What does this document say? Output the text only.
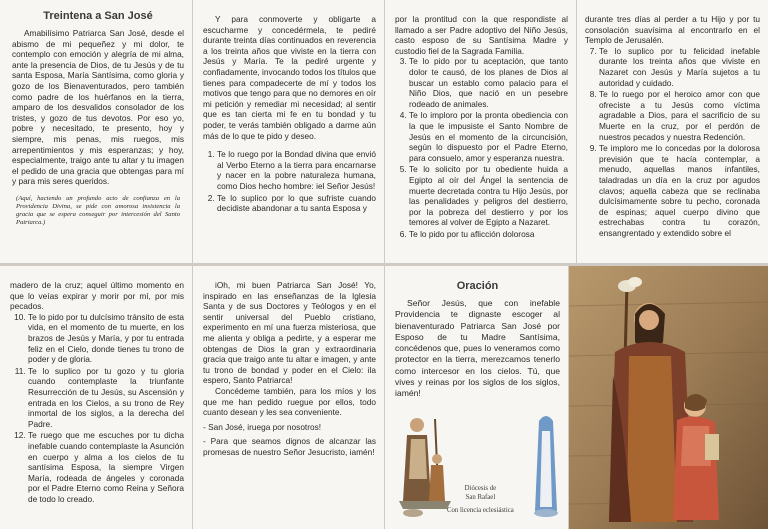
Treintena a San José

Amabilísimo Patriarca San José, desde el abismo de mi pequeñez y mi dolor, te contemplo con emoción y alegría de mi alma, ante la presencia de Dios, de tu Jesús y de tu santa Esposa, María Santísima, como gloria y gozo de los Bienaventurados, pero también como padre de los huérfanos en la tierra, amparo de los desvalidos consolador de los tristes, y gozo de tus devotos. Por eso yo, pobre y necesitado, te presento, hoy y siempre, mis penas, mis ruegos, mis arrepentimientos y mis esperanzas; y hoy, especialmente, traigo ante tu altar y tu imagen el pedido de una gracia que obtengas para mí y para mis seres queridos.

(Aquí, haciendo un profundo acto de confianza en la Providencia Divina, se pide con amorosa insistencia la gracia que se espera conseguir por intercesión del Santo Patriarca.)

Y para conmoverte y obligarte a escucharme y concedérmela, te pediré durante treinta días continuados en reverencia a los treinta años que viviste en la tierra con Jesús y María. Te la pediré urgente y confiadamente, invocando todos los títulos que tienes para compadecerte de mí y todos los motivos que tengo para que no demores en oír mi petición y remediar mi necesidad; al sentir que es tan cierta mi fe en tu bondad y tu poder, te verás también obligado a darme aún más de lo que te pido y deseo.

1. Te lo ruego por la Bondad divina que envió al Verbo Eterno a la tierra para encarnarse y nacer en la pobre naturaleza humana, como Dios hecho hombre: iel Señor Jesús!
2. Te lo suplico por lo que sufriste cuando decidiste abandonar a tu santa Esposa y

por la prontitud con la que respondiste al llamado a ser Padre adoptivo del Niño Jesús, casto esposo de su Santísima Madre y custodio fiel de la Sagrada Familia.

3. Te lo pido por tu aceptación, que tanto dolor te causó, de los planes de Dios al buscar un establo como palacio para el Niño Dios, que nació en un pesebre rodeado de animales.
4. Te lo imploro por la pronta obediencia con la que le impusiste el Santo Nombre de Jesús en el momento de la circuncisión, según lo dispuesto por el Padre Eterno, para consuelo, amor y esperanza nuestra.
5. Te lo solicito por tu obediente huida a Egipto al oír del Ángel la sentencia de muerte decretada contra tu Hijo Jesús, por las penalidades y peligros del destierro, por la pobreza del destierro y por los temores al volver de Egipto a Nazaret.
6. Te lo pido por tu aflicción dolorosa

durante tres días al perder a tu Hijo y por tu consolación suavísima al encontrarlo en el Templo de Jerusalén.

7. Te lo suplico por tu felicidad inefable durante los treinta años que viviste en Nazaret con Jesús y María sujetos a tu autoridad y cuidado.
8. Te lo ruego por el heroico amor con que ofreciste a tu Jesús como víctima agradable a Dios, para el sacrificio de su Muerte en la cruz, por el perdón de nuestros pecados y nuestra Redención.
9. Te imploro me lo concedas por la dolorosa previsión que te hacía contemplar, a menudo, aquellas manos infantiles, taladradas un día en la cruz por agudos clavos; aquella cabeza que se reclinaba dulcísimamente sobre tu pecho, coronada de espinas; aquel cuerpo divino que estrechabas contra tu corazón, ensangrentado y extendido sobre el

madero de la cruz; aquel último momento en que lo veías expirar y morir por mí, por mis pecados.

10. Te lo pido por tu dulcísimo tránsito de esta vida, en el momento de tu muerte, en los brazos de Jesús y María, y por tu entrada feliz en el Cielo, donde tienes tu trono de poder y de gloria.
11. Te lo suplico por tu gozo y tu gloria cuando contemplaste la triunfante Resurrección de tu Jesús, su Ascensión y entrada en los Cielos, a su trono de Rey inmortal de los siglos, a la derecha del Padre.
12. Te ruego que me escuches por tu dicha inefable cuando contemplaste la Asunción en cuerpo y alma a los cielos de tu santísima Esposa, la siempre Virgen María, rodeada de ángeles y coronada por el Padre Eterno como Reina y Señora de todo lo creado.

iOh, mi buen Patriarca San José! Yo, inspirado en las enseñanzas de la Iglesia Santa y de sus Doctores y Teólogos y en el sentir universal del Pueblo cristiano, experimento en mí una fuerza misteriosa, que me alienta y obliga a pedirte, y a esperar me obtengas de Dios la gran y extraordinaria gracia que traigo ante tu altar e imagen, y ante tu trono de bondad y poder en el Cielo: ila espero, Santo Patriarca!

Concédeme también, para los míos y los que me han pedido ruegue por ellos, todo cuanto desean y les sea conveniente.

- San José, iruega por nosotros!

- Para que seamos dignos de alcanzar las promesas de nuestro Señor Jesucristo, iamén!

Oración

Señor Jesús, que con inefable Providencia te dignaste escoger al bienaventurado Patriarca San José por Esposo de tu Madre Santísima, concédenos que, pues lo veneramos como protector en la tierra, merezcamos tenerlo como intercesor en los cielos. Tú, que vives y reinas por los siglos de los siglos, iamén!

Diócesis de
San Rafael
Con licencia eclesiástica
